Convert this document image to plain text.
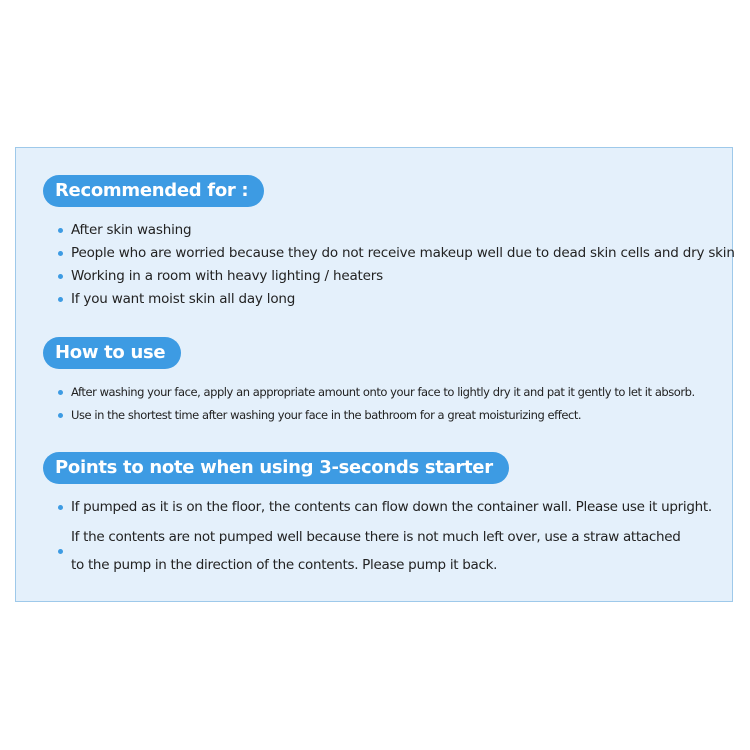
Recommended for :
After skin washing
People who are worried because they do not receive makeup well due to dead skin cells and dry skin
Working in a room with heavy lighting / heaters
If you want moist skin all day long
How to use
After washing your face, apply an appropriate amount onto your face to lightly dry it and pat it gently to let it absorb.
Use in the shortest time after washing your face in the bathroom for a great moisturizing effect.
Points to note when using 3-seconds starter
If pumped as it is on the floor, the contents can flow down the container wall. Please use it upright.
If the contents are not pumped well because there is not much left over, use a straw attached
to the pump in the direction of the contents. Please pump it back.
